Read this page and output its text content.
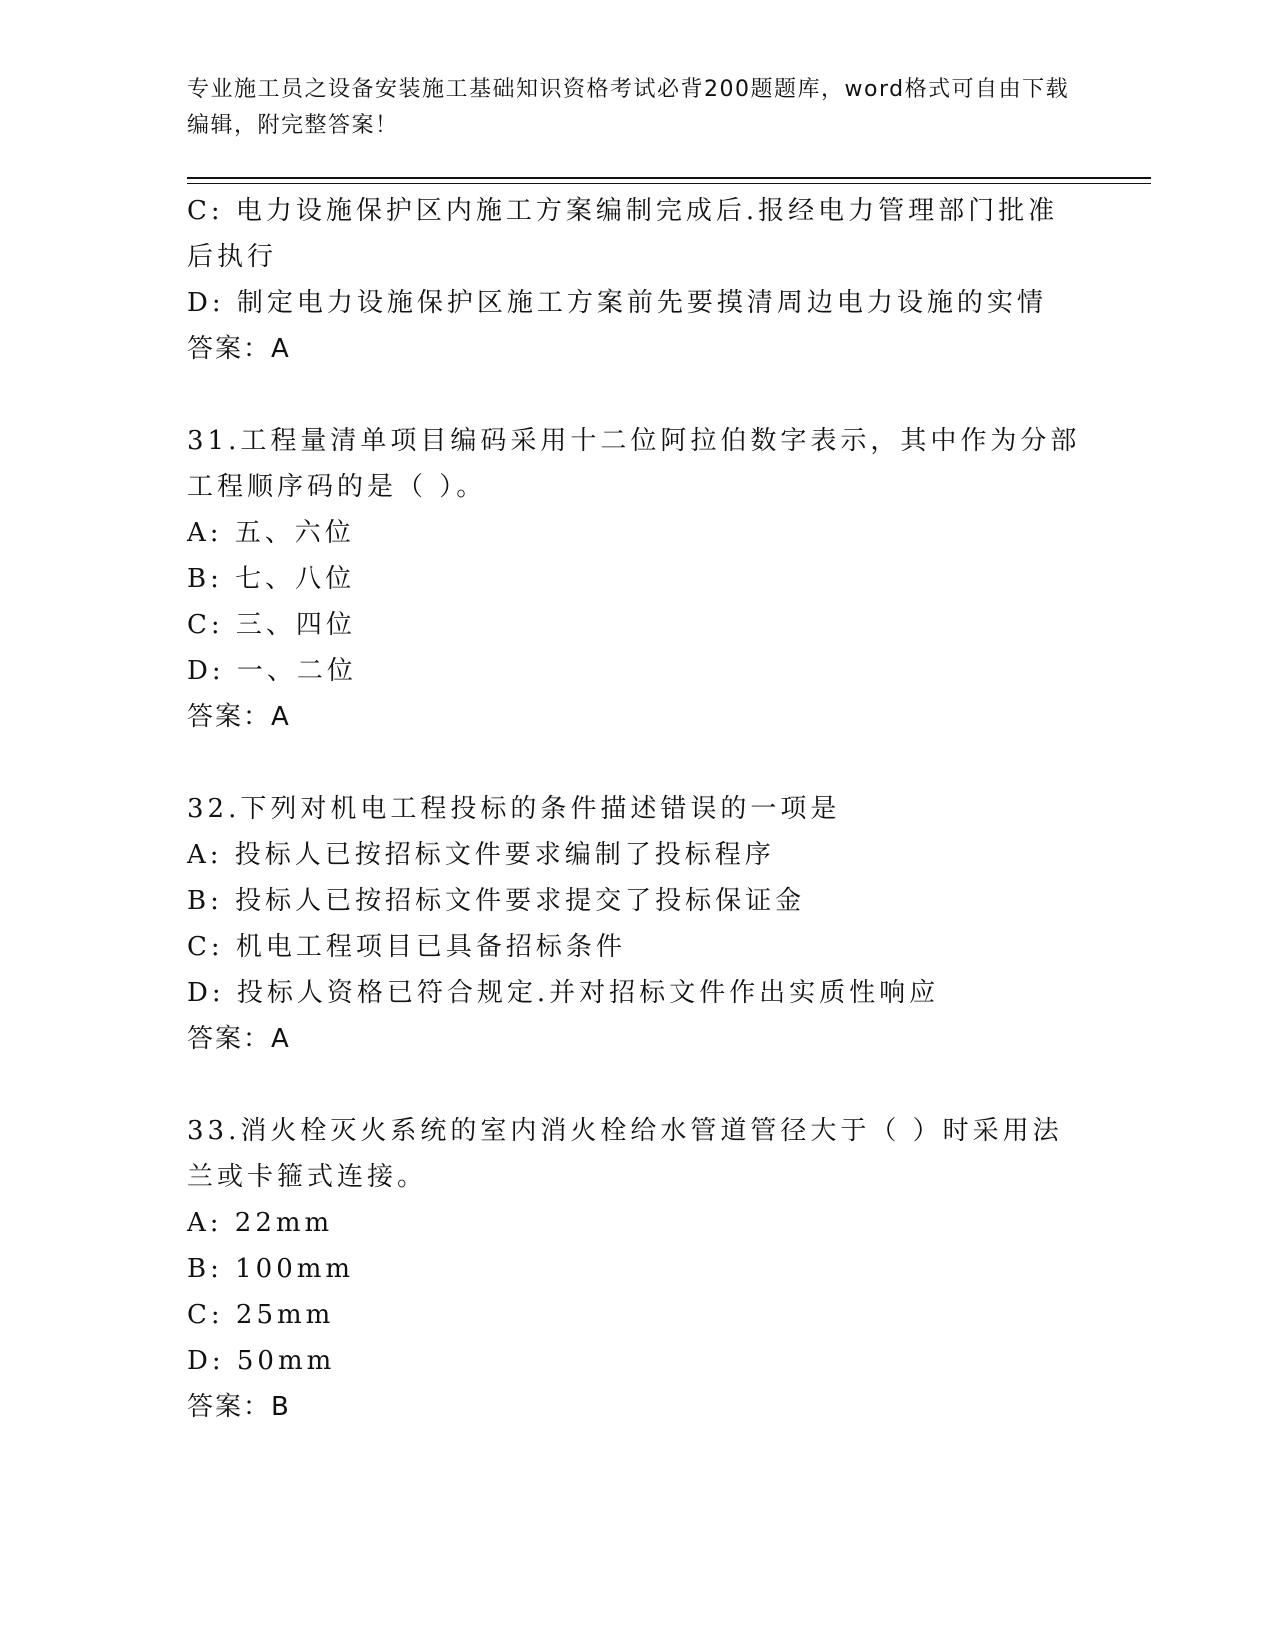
专业施工员之设备安装施工基础知识资格考试必背200题题库，word格式可自由下载编辑，附完整答案！

C: 电力设施保护区内施工方案编制完成后.报经电力管理部门批准后执行

D: 制定电力设施保护区施工方案前先要摸清周边电力设施的实情

答案：A

31.工程量清单项目编码采用十二位阿拉伯数字表示，其中作为分部工程顺序码的是（ ）。

A: 五、六位

B: 七、八位

C: 三、四位

D: 一、二位

答案：A

32.下列对机电工程投标的条件描述错误的一项是

A: 投标人已按招标文件要求编制了投标程序

B: 投标人已按招标文件要求提交了投标保证金

C: 机电工程项目已具备招标条件

D: 投标人资格已符合规定.并对招标文件作出实质性响应

答案：A

33.消火栓灭火系统的室内消火栓给水管道管径大于（ ）时采用法兰或卡箍式连接。

A: 22mm

B: 100mm

C: 25mm

D: 50mm

答案：B
